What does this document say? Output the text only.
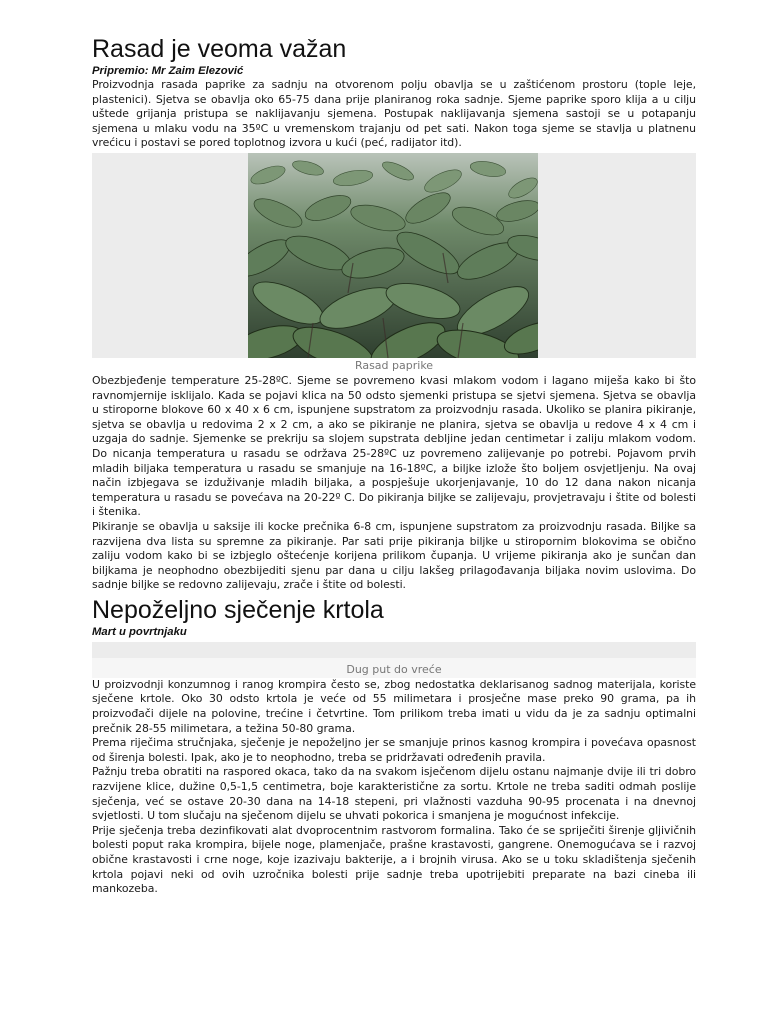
Rasad je veoma važan
Pripremio: Mr Zaim Elezović

Proizvodnja rasada paprike za sadnju na otvorenom polju obavlja se u zaštićenom prostoru (tople leje, plastenici). Sjetva se obavlja oko 65-75 dana prije planiranog roka sadnje. Sjeme paprike sporo klija a u cilju uštede grijanja pristupa se naklijavanju sjemena. Postupak naklijavanja sjemena sastoji se u potapanju sjemena u mlaku vodu na 35ºC u vremenskom trajanju od pet sati. Nakon toga sjeme se stavlja u platnenu vrećicu i postavi se pored toplotnog izvora u kući (peć, radijator itd).

Rasad paprike

Obezbjeđenje temperature 25-28ºC. Sjeme se povremeno kvasi mlakom vodom i lagano miješa kako bi što ravnomjernije isklijalo. Kada se pojavi klica na 50 odsto sjemenki pristupa se sjetvi sjemena. Sjetva se obavlja u stiroporne blokove 60 x 40 x 6 cm, ispunjene supstratom za proizvodnju rasada. Ukoliko se planira pikiranje, sjetva se obavlja u redovima 2 x 2 cm, a ako se pikiranje ne planira, sjetva se obavlja u redove 4 x 4 cm i uzgaja do sadnje. Sjemenke se prekriju sa slojem supstrata debljine jedan centimetar i zaliju mlakom vodom. Do nicanja temperatura u rasadu se održava 25-28ºC uz povremeno zalijevanje po potrebi. Pojavom prvih mladih biljaka temperatura u rasadu se smanjuje na 16-18ºC, a biljke izlože što boljem osvjetljenju. Na ovaj način izbjegava se izduživanje mladih biljaka, a pospješuje ukorjenjavanje, 10 do 12 dana nakon nicanja temperatura u rasadu se povećava na 20-22º C. Do pikiranja biljke se zalijevaju, provjetravaju i štite od bolesti i štenika.

Pikiranje se obavlja u saksije ili kocke prečnika 6-8 cm, ispunjene supstratom za proizvodnju rasada. Biljke sa razvijena dva lista su spremne za pikiranje. Par sati prije pikiranja biljke u stiropornim blokovima se obično zaliju vodom kako bi se izbjeglo oštećenje korijena prilikom čupanja. U vrijeme pikiranja ako je sunčan dan biljkama je neophodno obezbijediti sjenu par dana u cilju lakšeg prilagođavanja biljaka novim uslovima. Do sadnje biljke se redovno zalijevaju, zrače i štite od bolesti.

Nepoželjno sječenje krtola
Mart u povrtnjaku
Dug put do vreće

U proizvodnji konzumnog i ranog krompira često se, zbog nedostatka deklarisanog sadnog materijala, koriste sječene krtole. Oko 30 odsto krtola je veće od 55 milimetara i prosječne mase preko 90 grama, pa ih proizvođači dijele na polovine, trećine i četvrtine. Tom prilikom treba imati u vidu da je za sadnju optimalni prečnik 28-55 milimetara, a težina 50-80 grama.

Prema riječima stručnjaka, sječenje je nepoželjno jer se smanjuje prinos kasnog krompira i povećava opasnost od širenja bolesti. Ipak, ako je to neophodno, treba se pridržavati određenih pravila.

Pažnju treba obratiti na raspored okaca, tako da na svakom isječenom dijelu ostanu najmanje dvije ili tri dobro razvijene klice, dužine 0,5-1,5 centimetra, boje karakteristične za sortu. Krtole ne treba saditi odmah poslije sječenja, već se ostave 20-30 dana na 14-18 stepeni, pri vlažnosti vazduha 90-95 procenata i na dnevnoj svjetlosti. U tom slučaju na sječenom dijelu se uhvati pokorica i smanjena je mogućnost infekcije.

Prije sječenja treba dezinfikovati alat dvoprocentnim rastvorom formalina. Tako će se spriječiti širenje gljivičnih bolesti poput raka krompira, bijele noge, plamenjače, prašne krastavosti, gangrene. Onemogućava se i razvoj obične krastavosti i crne noge, koje izazivaju bakterije, a i brojnih virusa. Ako se u toku skladištenja sječenih krtola pojavi neki od ovih uzročnika bolesti prije sadnje treba upotrijebiti preparate na bazi cineba ili mankozeba.
